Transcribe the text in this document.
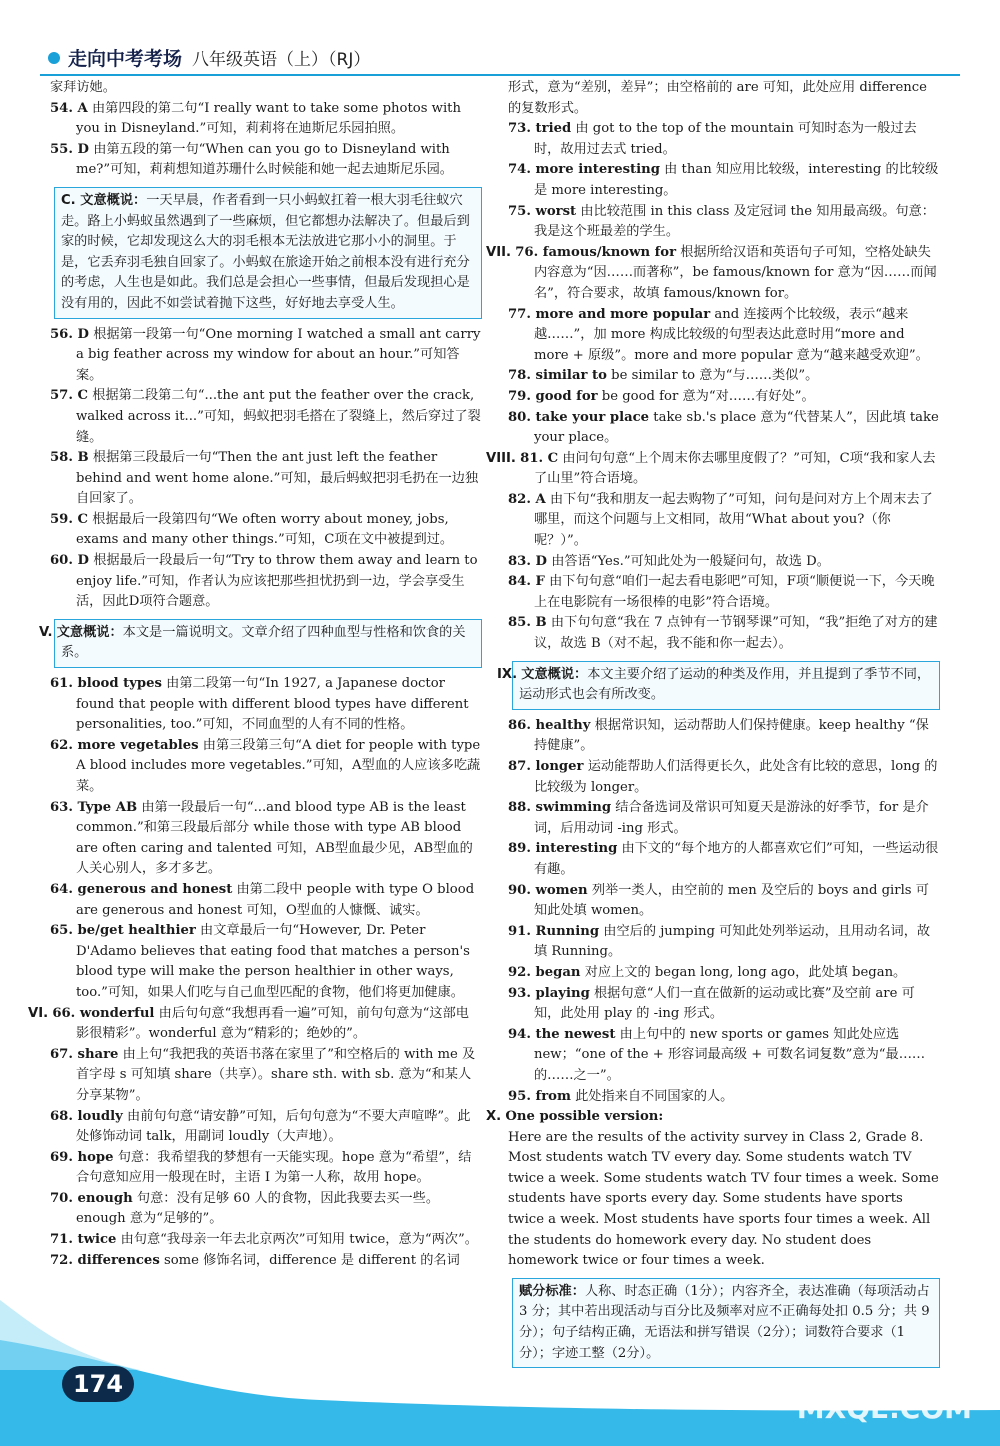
走向中考考场 八年级英语（上）（RJ）
家拜访她。
54. A 由第四段的第二句“I really want to take some photos with you in Disneyland.”可知，莉莉将在迪斯尼乐园拍照。
55. D 由第五段的第一句“When can you go to Disneyland with me?”可知，莉莉想知道苏珊什么时候能和她一起去迪斯尼乐园。
C. 文意概说：一天早晨，作者看到一只小蚂蚁扛着一根大羽毛往蚁穴走。路上小蚂蚁虽然遇到了一些麻烦，但它都想办法解决了。但最后到家的时候，它却发现这么大的羽毛根本无法放进它那小小的洞里。于是，它丢弃羽毛独自回家了。小蚂蚁在旅途开始之前根本没有进行充分的考虑，人生也是如此。我们总是会担心一些事情，但最后发现担心是没有用的，因此不如尝试着抛下这些，好好地去享受人生。
56. D 根据第一段第一句“One morning I watched a small ant carry a big feather across my window for about an hour.”可知答案。
57. C 根据第二段第二句“...the ant put the feather over the crack, walked across it...”可知，蚂蚁把羽毛搭在了裂缝上，然后穿过了裂缝。
58. B 根据第三段最后一句“Then the ant just left the feather behind and went home alone.”可知，最后蚂蚁把羽毛扔在一边独自回家了。
59. C 根据最后一段第四句“We often worry about money, jobs, exams and many other things.”可知，C项在文中被提到过。
60. D 根据最后一段最后一句“Try to throw them away and learn to enjoy life.”可知，作者认为应该把那些担忧扔到一边，学会享受生活，因此D项符合题意。
V. 文意概说：本文是一篇说明文。文章介绍了四种血型与性格和饮食的关系。
61. blood types 由第二段第一句“In 1927, a Japanese doctor found that people with different blood types have different personalities, too.”可知，不同血型的人有不同的性格。
62. more vegetables 由第三段第三句“A diet for people with type A blood includes more vegetables.”可知，A型血的人应该多吃蔬菜。
63. Type AB 由第一段最后一句“...and blood type AB is the least common.”和第三段最后部分 while those with type AB blood are often caring and talented 可知，AB型血最少见，AB型血的人关心别人，多才多艺。
64. generous and honest 由第二段中 people with type O blood are generous and honest 可知，O型血的人慷慨、诚实。
65. be/get healthier 由文章最后一句“However, Dr. Peter D'Adamo believes that eating food that matches a person's blood type will make the person healthier in other ways, too.”可知，如果人们吃与自己血型匹配的食物，他们将更加健康。
VI. 66. wonderful 由后句句意“我想再看一遍”可知，前句句意为“这部电影很精彩”。wonderful 意为“精彩的；绝妙的”。
67. share 由上句“我把我的英语书落在家里了”和空格后的 with me 及首字母 s 可知填 share（共享）。share sth. with sb. 意为“和某人分享某物”。
68. loudly 由前句句意“请安静”可知，后句句意为“不要大声喧哗”。此处修饰动词 talk，用副词 loudly（大声地）。
69. hope 句意：我希望我的梦想有一天能实现。hope 意为“希望”，结合句意知应用一般现在时，主语 I 为第一人称，故用 hope。
70. enough 句意：没有足够 60 人的食物，因此我要去买一些。enough 意为“足够的”。
71. twice 由句意“我母亲一年去北京两次”可知用 twice，意为“两次”。
72. differences some 修饰名词，difference 是 different 的名词
形式，意为“差别，差异”；由空格前的 are 可知，此处应用 difference 的复数形式。
73. tried 由 got to the top of the mountain 可知时态为一般过去时，故用过去式 tried。
74. more interesting 由 than 知应用比较级，interesting 的比较级是 more interesting。
75. worst 由比较范围 in this class 及定冠词 the 知用最高级。句意：我是这个班最差的学生。
VII. 76. famous/known for 根据所给汉语和英语句子可知，空格处缺失内容意为“因……而著称”，be famous/known for 意为“因……而闻名”，符合要求，故填 famous/known for。
77. more and more popular and 连接两个比较级，表示“越来越……”，加 more 构成比较级的句型表达此意时用“more and more + 原级”。more and more popular 意为“越来越受欢迎”。
78. similar to be similar to 意为“与……类似”。
79. good for be good for 意为“对……有好处”。
80. take your place take sb.'s place 意为“代替某人”，因此填 take your place。
VIII. 81. C 由问句句意“上个周末你去哪里度假了？”可知，C项“我和家人去了山里”符合语境。
82. A 由下句“我和朋友一起去购物了”可知，问句是问对方上个周末去了哪里，而这个问题与上文相同，故用“What about you?（你呢？）”。
83. D 由答语“Yes.”可知此处为一般疑问句，故选 D。
84. F 由下句句意“咱们一起去看电影吧”可知，F项“顺便说一下，今天晚上在电影院有一场很棒的电影”符合语境。
85. B 由下句句意“我在 7 点钟有一节钢琴课”可知，“我”拒绝了对方的建议，故选 B（对不起，我不能和你一起去）。
IX. 文意概说：本文主要介绍了运动的种类及作用，并且提到了季节不同，运动形式也会有所改变。
86. healthy 根据常识知，运动帮助人们保持健康。keep healthy “保持健康”。
87. longer 运动能帮助人们活得更长久，此处含有比较的意思，long 的比较级为 longer。
88. swimming 结合备选词及常识可知夏天是游泳的好季节，for 是介词，后用动词 -ing 形式。
89. interesting 由下文的“每个地方的人都喜欢它们”可知，一些运动很有趣。
90. women 列举一类人，由空前的 men 及空后的 boys and girls 可知此处填 women。
91. Running 由空后的 jumping 可知此处列举运动，且用动名词，故填 Running。
92. began 对应上文的 began long, long ago，此处填 began。
93. playing 根据句意“人们一直在做新的运动或比赛”及空前 are 可知，此处用 play 的 -ing 形式。
94. the newest 由上句中的 new sports or games 知此处应选 new；“one of the + 形容词最高级 + 可数名词复数”意为“最……的……之一”。
95. from 此处指来自不同国家的人。
X. One possible version:
Here are the results of the activity survey in Class 2, Grade 8. Most students watch TV every day. Some students watch TV twice a week. Some students watch TV four times a week. Some students have sports every day. Some students have sports twice a week. Most students have sports four times a week. All the students do homework every day. No student does homework twice or four times a week.
赋分标准：人称、时态正确（1分）；内容齐全，表达准确（每项活动占 3 分；其中若出现活动与百分比及频率对应不正确每处扣 0.5 分；共 9 分）；句子结构正确，无语法和拼写错误（2分）；词数符合要求（1分）；字迹工整（2分）。
174
MXQE.COM
